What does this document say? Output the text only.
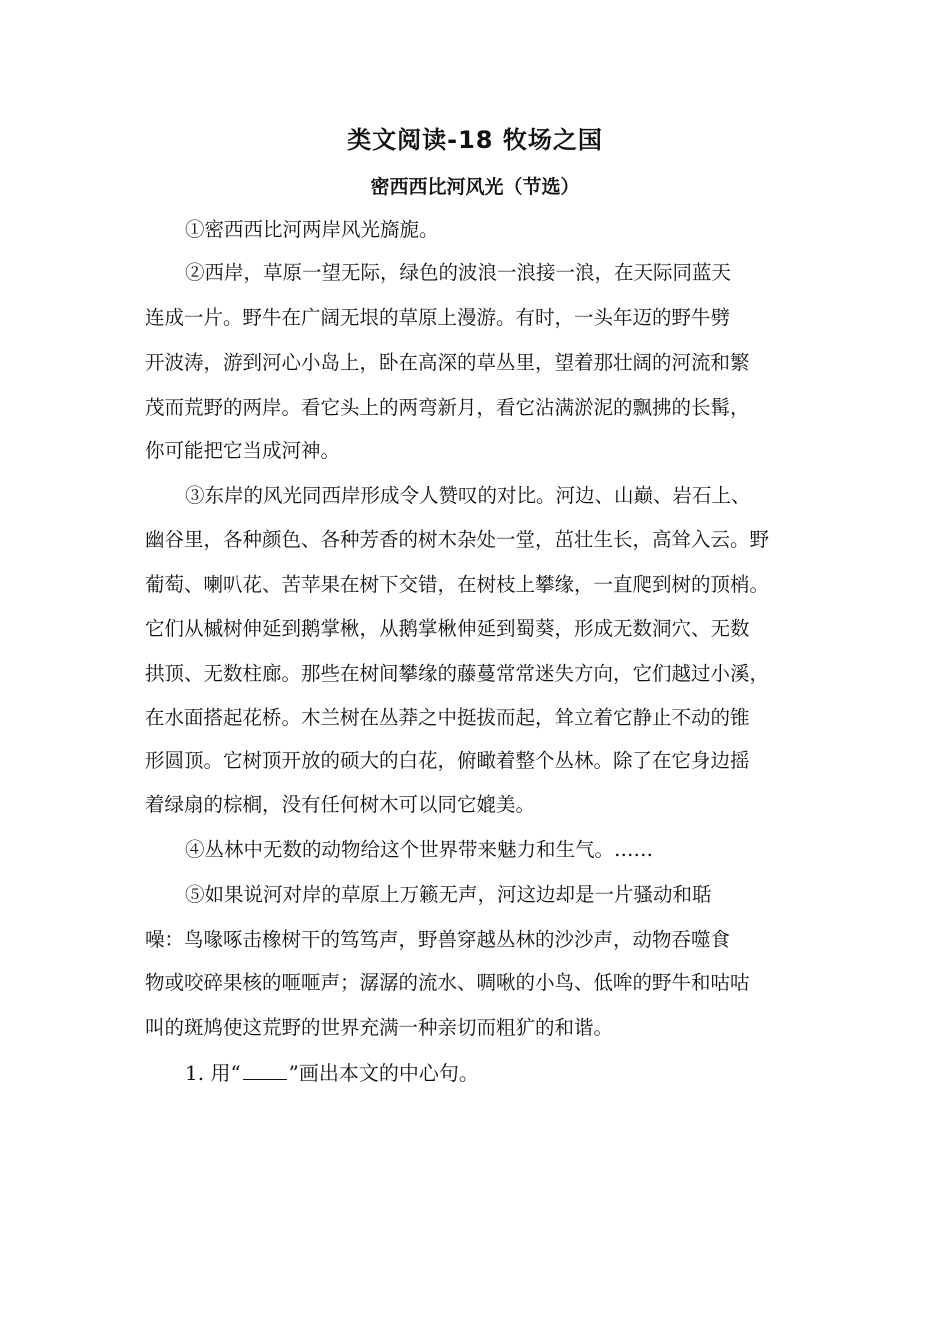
类文阅读-18 牧场之国
密西西比河风光（节选）

①密西西比河两岸风光旖旎。

②西岸，草原一望无际，绿色的波浪一浪接一浪，在天际同蓝天

连成一片。野牛在广阔无垠的草原上漫游。有时，一头年迈的野牛劈

开波涛，游到河心小岛上，卧在高深的草丛里，望着那壮阔的河流和繁

茂而荒野的两岸。看它头上的两弯新月，看它沾满淤泥的飘拂的长髯，

你可能把它当成河神。

③东岸的风光同西岸形成令人赞叹的对比。河边、山巅、岩石上、

幽谷里，各种颜色、各种芳香的树木杂处一堂，茁壮生长，高耸入云。野

葡萄、喇叭花、苦苹果在树下交错，在树枝上攀缘，一直爬到树的顶梢。

它们从槭树伸延到鹅掌楸，从鹅掌楸伸延到蜀葵，形成无数洞穴、无数

拱顶、无数柱廊。那些在树间攀缘的藤蔓常常迷失方向，它们越过小溪，

在水面搭起花桥。木兰树在丛莽之中挺拔而起，耸立着它静止不动的锥

形圆顶。它树顶开放的硕大的白花，俯瞰着整个丛林。除了在它身边摇

着绿扇的棕榈，没有任何树木可以同它媲美。

④丛林中无数的动物给这个世界带来魅力和生气。……

⑤如果说河对岸的草原上万籁无声，河这边却是一片骚动和聒

噪：鸟喙啄击橡树干的笃笃声，野兽穿越丛林的沙沙声，动物吞噬食

物或咬碎果核的咂咂声；潺潺的流水、啁啾的小鸟、低哞的野牛和咕咕

叫的斑鸠使这荒野的世界充满一种亲切而粗犷的和谐。

1. 用“ ”画出本文的中心句。
